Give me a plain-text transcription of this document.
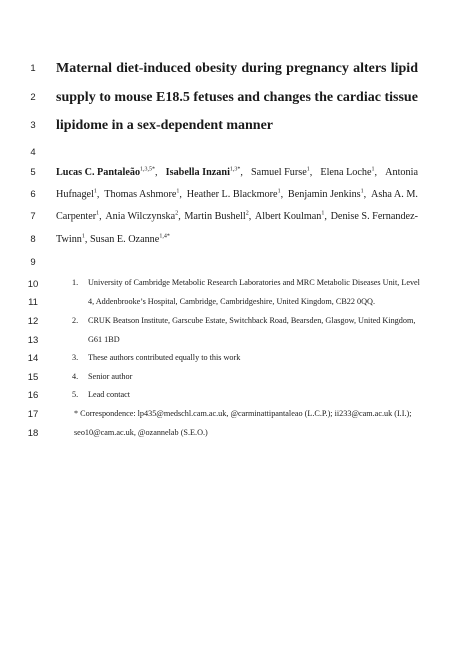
1
2
3
4
5
6
7
8
9
10
11
12
13
14
15
16
17
18
Maternal diet-induced obesity during pregnancy alters lipid
supply to mouse E18.5 fetuses and changes the cardiac tissue
lipidome in a sex-dependent manner
Lucas C. Pantaleão$^{1,3,5*}$, Isabella Inzani$^{1,3*}$, Samuel Furse$^1$, Elena Loche$^1$, Antonia
Hufnagel$^1$, Thomas Ashmore$^1$, Heather L. Blackmore$^1$, Benjamin Jenkins$^1$, Asha A. M.
Carpenter$^1$, Ania Wilczynska$^2$, Martin Bushell$^2$, Albert Koulman$^1$, Denise S. Fernandez-
Twinn$^1$, Susan E. Ozanne$^{1,4*}$
1. University of Cambridge Metabolic Research Laboratories and MRC Metabolic Diseases Unit, Level
4, Addenbrooke’s Hospital, Cambridge, Cambridgeshire, United Kingdom, CB22 0QQ.
2. CRUK Beatson Institute, Garscube Estate, Switchback Road, Bearsden, Glasgow, United Kingdom,
G61 1BD
3. These authors contributed equally to this work
4. Senior author
5. Lead contact
* Correspondence: lp435@medschl.cam.ac.uk, @carminattipantaleao (L.C.P.); ii233@cam.ac.uk (I.I.);
seo10@cam.ac.uk, @ozannelab (S.E.O.)
